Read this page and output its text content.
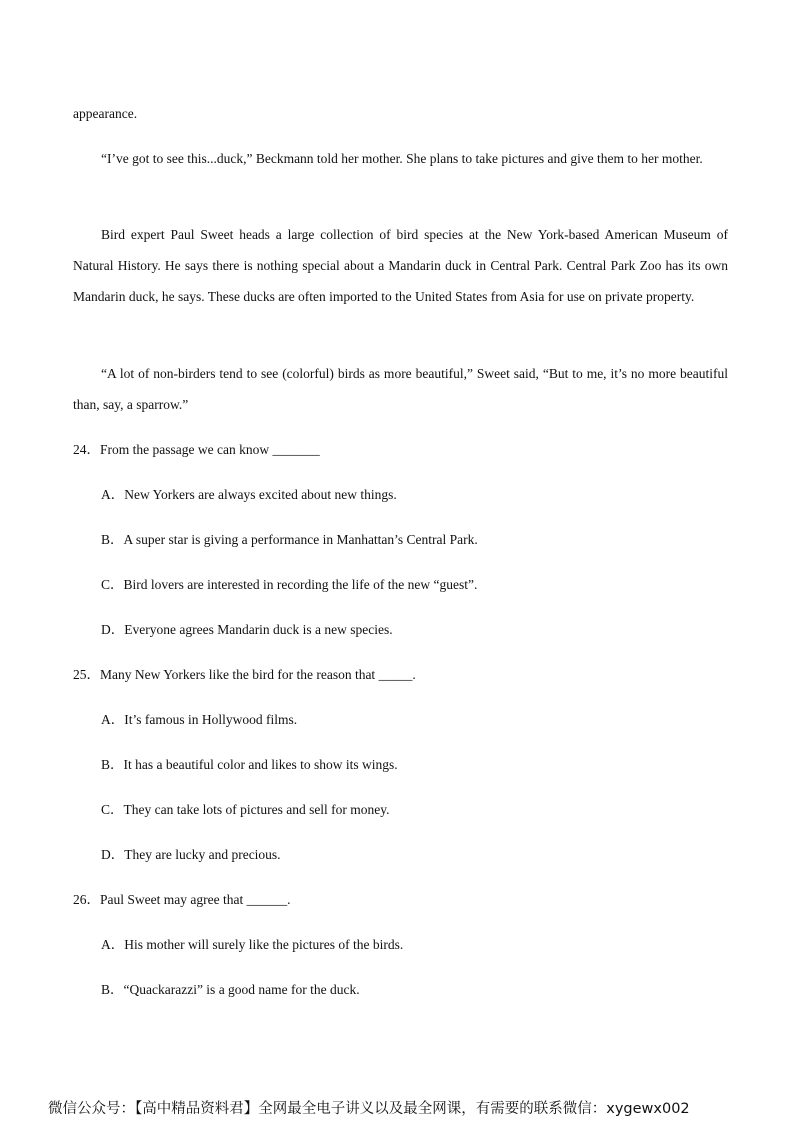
appearance.

“I’ve got to see this...duck,” Beckmann told her mother. She plans to take pictures and give them to her mother.

Bird expert Paul Sweet heads a large collection of bird species at the New York-based American Museum of Natural History. He says there is nothing special about a Mandarin duck in Central Park. Central Park Zoo has its own Mandarin duck, he says. These ducks are often imported to the United States from Asia for use on private property.

“A lot of non-birders tend to see (colorful) birds as more beautiful,” Sweet said, “But to me, it’s no more beautiful than, say, a sparrow.”

24．From the passage we can know _______

A．New Yorkers are always excited about new things.

B．A super star is giving a performance in Manhattan’s Central Park.

C．Bird lovers are interested in recording the life of the new “guest”.

D．Everyone agrees Mandarin duck is a new species.

25．Many New Yorkers like the bird for the reason that _____.

A．It’s famous in Hollywood films.

B．It has a beautiful color and likes to show its wings.

C．They can take lots of pictures and sell for money.

D．They are lucky and precious.

26．Paul Sweet may agree that ______.

A．His mother will surely like the pictures of the birds.

B．“Quackarazzi” is a good name for the duck.

微信公众号：【高中精品资料君】全网最全电子讲义以及最全网课，有需要的联系微信：xygewx002
